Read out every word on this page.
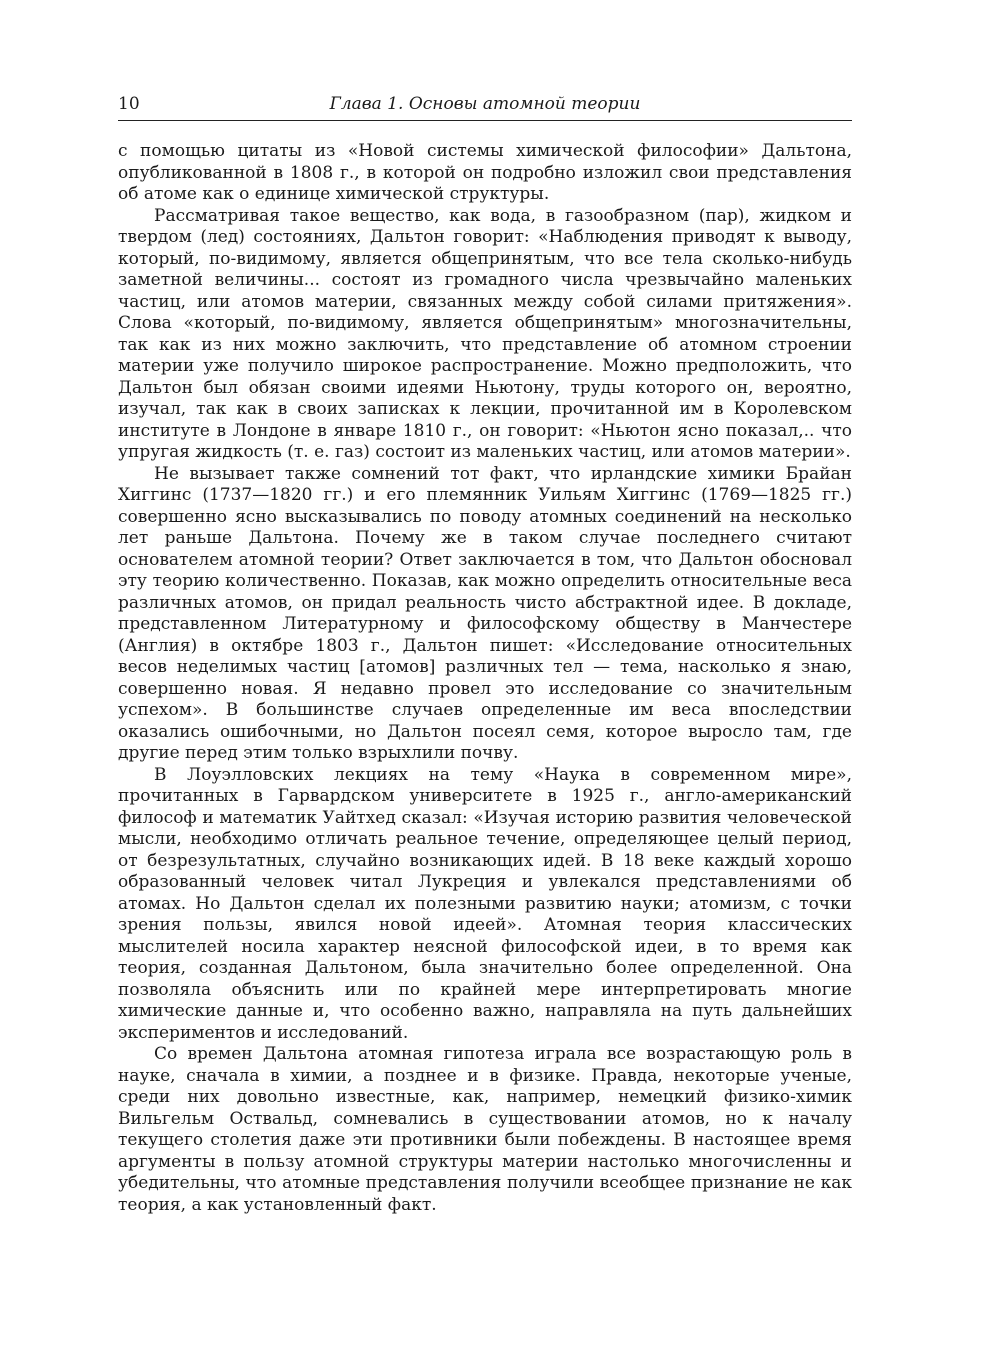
10	Глава 1. Основы атомной теории

с помощью цитаты из «Новой системы химической философии» Дальтона, опубликованной в 1808 г., в которой он подробно изложил свои представления об атоме как о единице химической структуры.

Рассматривая такое вещество, как вода, в газообразном (пар), жидком и твердом (лед) состояниях, Дальтон говорит: «Наблюдения приводят к выводу, который, по-видимому, является общепринятым, что все тела сколько-нибудь заметной величины... состоят из громадного числа чрезвычайно маленьких частиц, или атомов материи, связанных между собой силами притяжения». Слова «который, по-видимому, является общепринятым» многозначительны, так как из них можно заключить, что представление об атомном строении материи уже получило широкое распространение. Можно предположить, что Дальтон был обязан своими идеями Ньютону, труды которого он, вероятно, изучал, так как в своих записках к лекции, прочитанной им в Королевском институте в Лондоне в январе 1810 г., он говорит: «Ньютон ясно показал,.. что упругая жидкость (т. е. газ) состоит из маленьких частиц, или атомов материи».

Не вызывает также сомнений тот факт, что ирландские химики Брайан Хиггинс (1737—1820 гг.) и его племянник Уильям Хиггинс (1769—1825 гг.) совершенно ясно высказывались по поводу атомных соединений на несколько лет раньше Дальтона. Почему же в таком случае последнего считают основателем атомной теории? Ответ заключается в том, что Дальтон обосновал эту теорию количественно. Показав, как можно определить относительные веса различных атомов, он придал реальность чисто абстрактной идее. В докладе, представленном Литературному и философскому обществу в Манчестере (Англия) в октябре 1803 г., Дальтон пишет: «Исследование относительных весов неделимых частиц [атомов] различных тел — тема, насколько я знаю, совершенно новая. Я недавно провел это исследование со значительным успехом». В большинстве случаев определенные им веса впоследствии оказались ошибочными, но Дальтон посеял семя, которое выросло там, где другие перед этим только взрыхлили почву.

В Лоуэлловских лекциях на тему «Наука в современном мире», прочитанных в Гарвардском университете в 1925 г., англо-американский философ и математик Уайтхед сказал: «Изучая историю развития человеческой мысли, необходимо отличать реальное течение, определяющее целый период, от безрезультатных, случайно возникающих идей. В 18 веке каждый хорошо образованный человек читал Лукреция и увлекался представлениями об атомах. Но Дальтон сделал их полезными развитию науки; атомизм, с точки зрения пользы, явился новой идеей». Атомная теория классических мыслителей носила характер неясной философской идеи, в то время как теория, созданная Дальтоном, была значительно более определенной. Она позволяла объяснить или по крайней мере интерпретировать многие химические данные и, что особенно важно, направляла на путь дальнейших экспериментов и исследований.

Со времен Дальтона атомная гипотеза играла все возрастающую роль в науке, сначала в химии, а позднее и в физике. Правда, некоторые ученые, среди них довольно известные, как, например, немецкий физико-химик Вильгельм Оствальд, сомневались в существовании атомов, но к началу текущего столетия даже эти противники были побеждены. В настоящее время аргументы в пользу атомной структуры материи настолько многочисленны и убедительны, что атомные представления получили всеобщее признание не как теория, а как установленный факт.
